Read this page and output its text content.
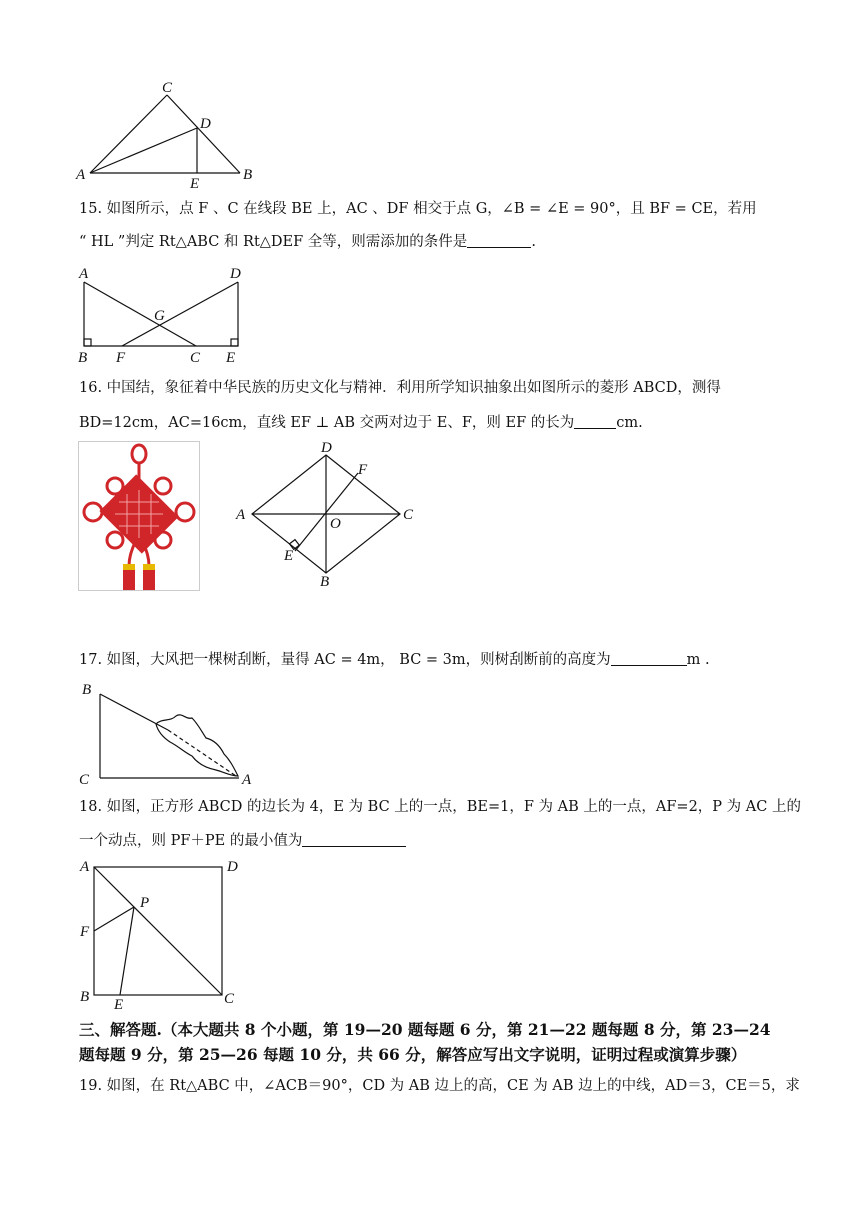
C
D
A
E
B
15. 如图所示，点 F 、C 在线段 BE 上，AC 、DF 相交于点 G，∠B = ∠E = 90°，且 BF = CE，若用
“ HL ”判定 Rt△ABC 和 Rt△DEF 全等，则需添加的条件是	.
A	D
G
B F	C E
16. 中国结，象征着中华民族的历史文化与精神．利用所学知识抽象出如图所示的菱形 ABCD，测得
BD=12cm，AC=16cm，直线 EF ⊥ AB 交两对边于 E、F，则 EF 的长为	cm.
D
F
A
O
C
E
B
17. 如图，大风把一棵树刮断，量得 AC = 4m， BC = 3m，则树刮断前的高度为	m .
B
C	A
18. 如图，正方形 ABCD 的边长为 4，E 为 BC 上的一点，BE=1，F 为 AB 上的一点，AF=2，P 为 AC 上的
一个动点，则 PF＋PE 的最小值为
A	D
P
F
B E	C
三、解答题.（本大题共 8 个小题，第 19—20 题每题 6 分，第 21—22 题每题 8 分，第 23—24
题每题 9 分，第 25—26 每题 10 分，共 66 分，解答应写出文字说明，证明过程或演算步骤）
19. 如图，在 Rt△ABC 中，∠ACB＝90°，CD 为 AB 边上的高，CE 为 AB 边上的中线，AD＝3，CE＝5，求
